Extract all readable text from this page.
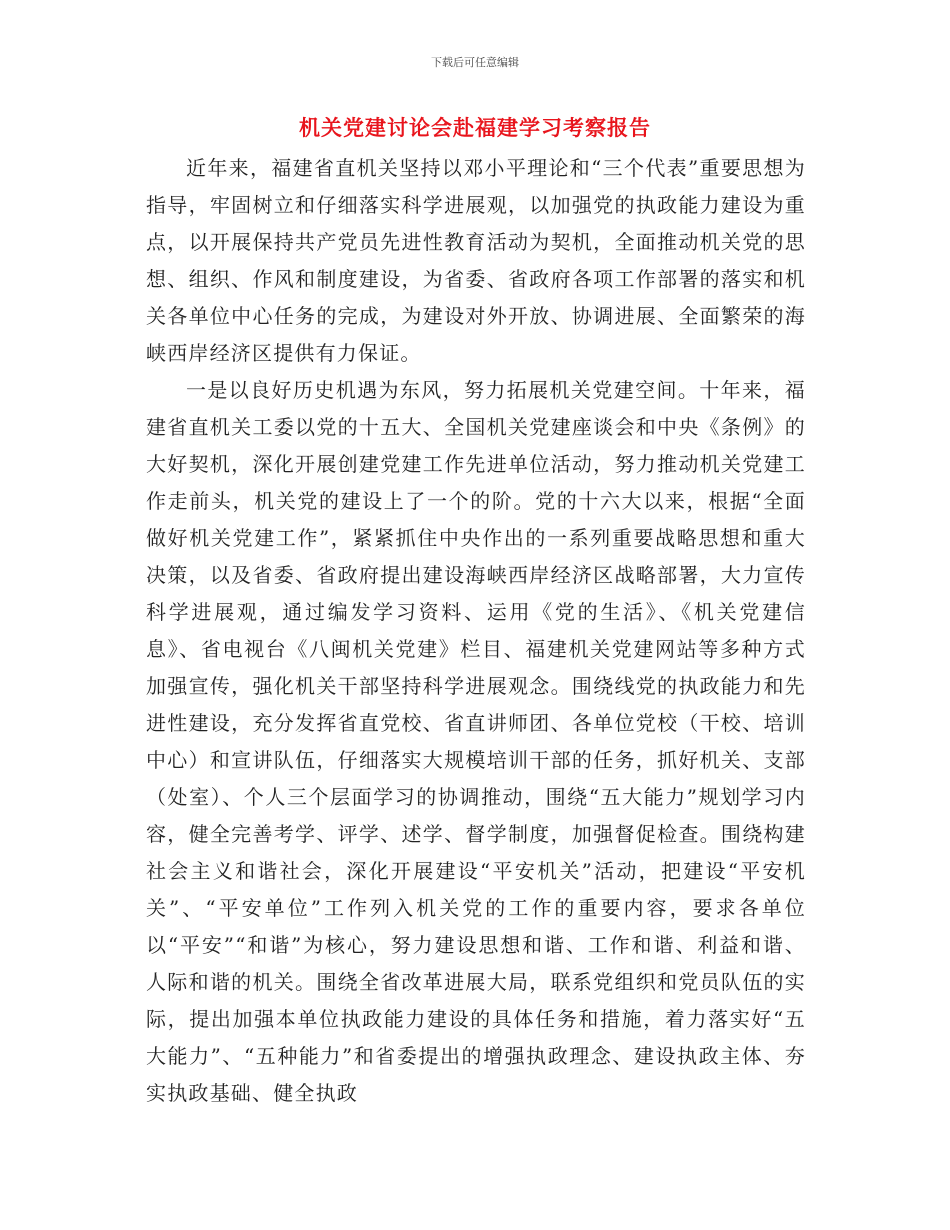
下载后可任意编辑
机关党建讨论会赴福建学习考察报告

近年来，福建省直机关坚持以邓小平理论和“三个代表”重要思想为指导，牢固树立和仔细落实科学进展观，以加强党的执政能力建设为重点，以开展保持共产党员先进性教育活动为契机，全面推动机关党的思想、组织、作风和制度建设，为省委、省政府各项工作部署的落实和机关各单位中心任务的完成，为建设对外开放、协调进展、全面繁荣的海峡西岸经济区提供有力保证。

一是以良好历史机遇为东风，努力拓展机关党建空间。十年来，福建省直机关工委以党的十五大、全国机关党建座谈会和中央《条例》的大好契机，深化开展创建党建工作先进单位活动，努力推动机关党建工作走前头，机关党的建设上了一个的阶。党的十六大以来，根据“全面做好机关党建工作”，紧紧抓住中央作出的一系列重要战略思想和重大决策，以及省委、省政府提出建设海峡西岸经济区战略部署，大力宣传科学进展观，通过编发学习资料、运用《党的生活》、《机关党建信息》、省电视台《八闽机关党建》栏目、福建机关党建网站等多种方式加强宣传，强化机关干部坚持科学进展观念。围绕线党的执政能力和先进性建设，充分发挥省直党校、省直讲师团、各单位党校（干校、培训中心）和宣讲队伍，仔细落实大规模培训干部的任务，抓好机关、支部（处室）、个人三个层面学习的协调推动，围绕“五大能力”规划学习内容，健全完善考学、评学、述学、督学制度，加强督促检查。围绕构建社会主义和谐社会，深化开展建设“平安机关”活动，把建设“平安机关”、“平安单位”工作列入机关党的工作的重要内容，要求各单位以“平安”“和谐”为核心，努力建设思想和谐、工作和谐、利益和谐、人际和谐的机关。围绕全省改革进展大局，联系党组织和党员队伍的实际，提出加强本单位执政能力建设的具体任务和措施，着力落实好“五大能力”、“五种能力”和省委提出的增强执政理念、建设执政主体、夯实执政基础、健全执政
